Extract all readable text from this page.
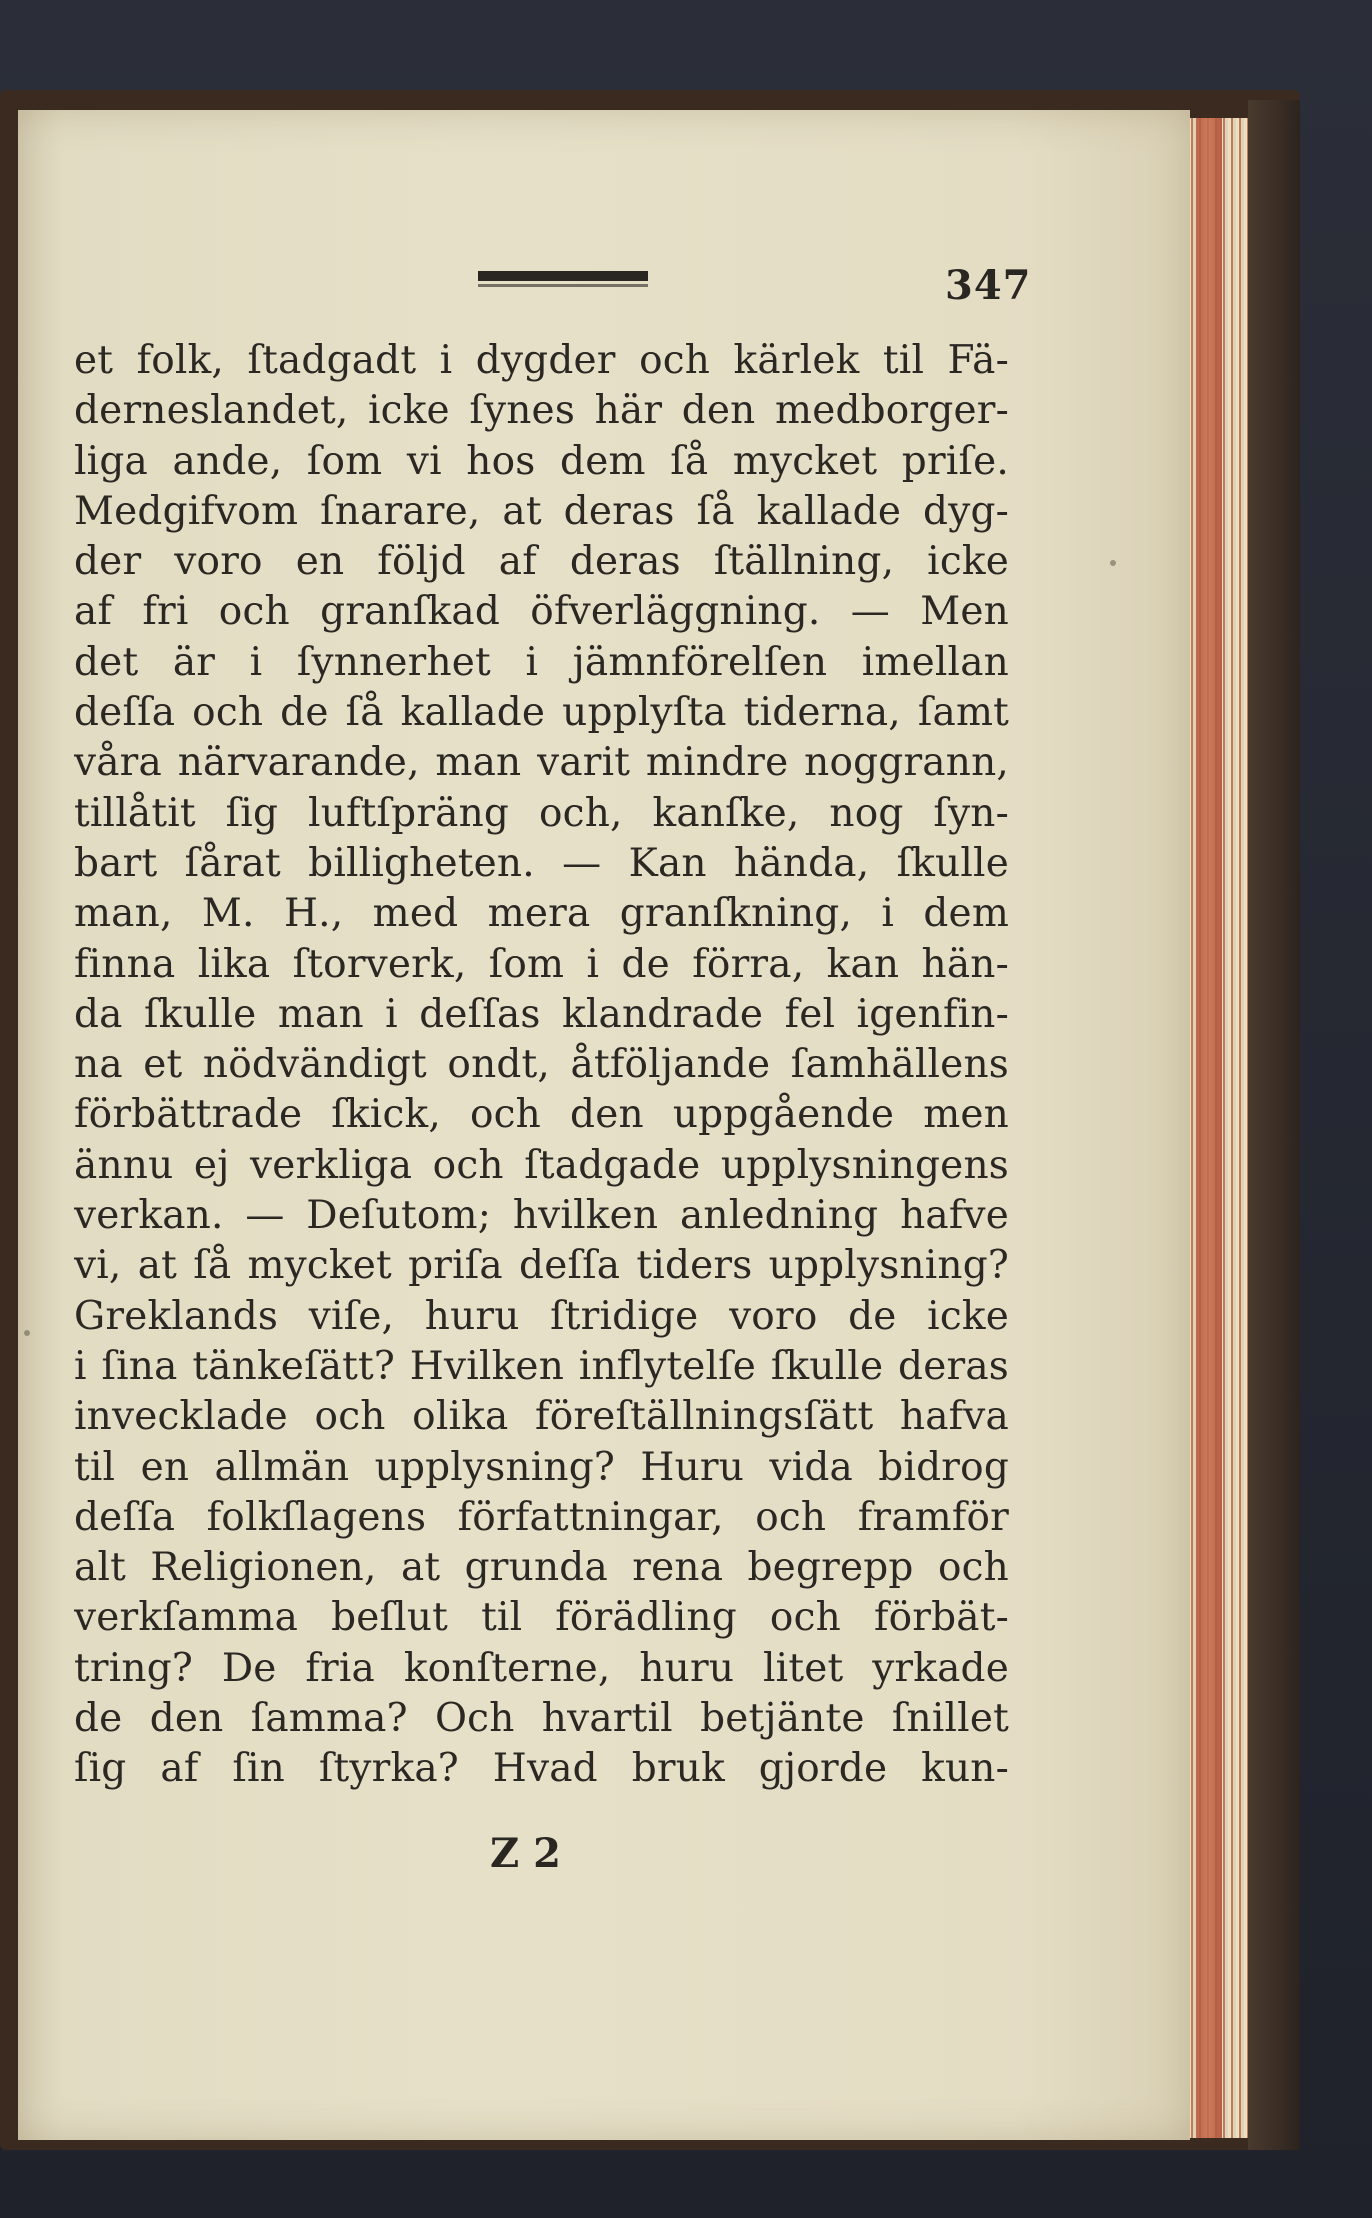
347
et folk, ſtadgadt i dygder och kärlek til Fä-
derneslandet, icke ſynes här den medborger-
liga ande, ſom vi hos dem ſå mycket priſe.
Medgifvom ſnarare, at deras ſå kallade dyg-
der voro en följd af deras ſtällning, icke
af fri och granſkad öfverläggning. — Men
det är i ſynnerhet i jämnförelſen imellan
deſſa och de ſå kallade upplyſta tiderna, ſamt
våra närvarande, man varit mindre noggrann,
tillåtit ſig luftſpräng och, kanſke, nog ſyn-
bart ſårat billigheten. — Kan hända, ſkulle
man, M. H., med mera granſkning, i dem
finna lika ſtorverk, ſom i de förra, kan hän-
da ſkulle man i deſſas klandrade fel igenfin-
na et nödvändigt ondt, åtföljande ſamhällens
förbättrade ſkick, och den uppgående men
ännu ej verkliga och ſtadgade upplysningens
verkan. — Deſutom; hvilken anledning hafve
vi, at ſå mycket priſa deſſa tiders upplysning?
Greklands viſe, huru ſtridige voro de icke
i ſina tänkeſätt? Hvilken inflytelſe ſkulle deras
invecklade och olika föreſtällningsſätt hafva
til en allmän upplysning? Huru vida bidrog
deſſa folkſlagens författningar, och framför
alt Religionen, at grunda rena begrepp och
verkſamma beſlut til förädling och förbät-
tring? De fria konſterne, huru litet yrkade
de den ſamma? Och hvartil betjänte ſnillet
ſig af ſin ſtyrka? Hvad bruk gjorde kun-
Z 2
